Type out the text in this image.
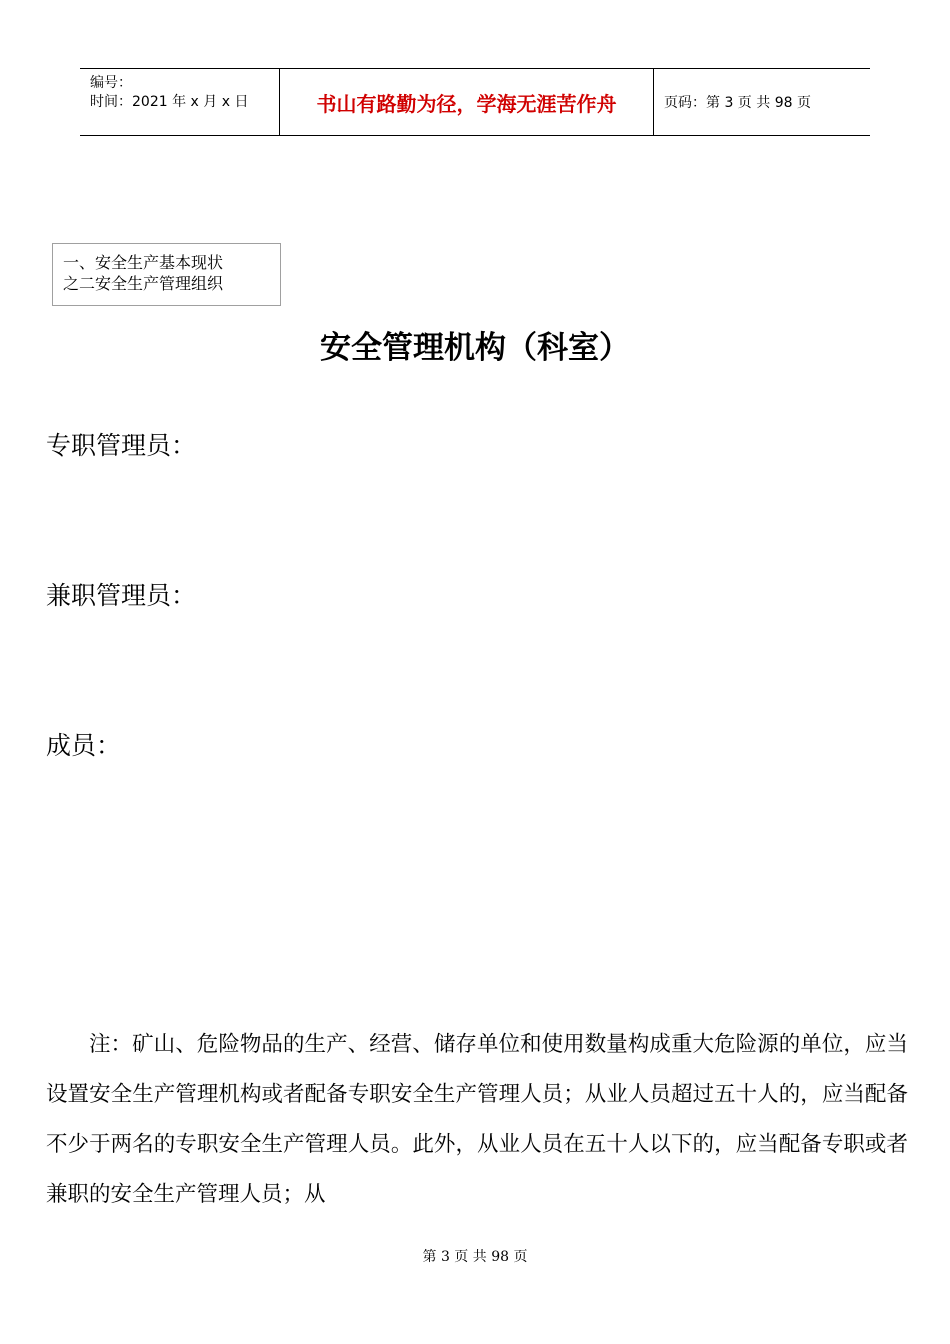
编号：
时间：2021 年 x 月 x 日	书山有路勤为径，学海无涯苦作舟	页码：第 3 页 共 98 页
一、安全生产基本现状
之二安全生产管理组织
安全管理机构（科室）
专职管理员：
兼职管理员：
成员：

注：矿山、危险物品的生产、经营、储存单位和使用数量构成重大危险源的单位，应当设置安全生产管理机构或者配备专职安全生产管理人员；从业人员超过五十人的，应当配备不少于两名的专职安全生产管理人员。此外，从业人员在五十人以下的，应当配备专职或者兼职的安全生产管理人员；从

第 3 页 共 98 页
